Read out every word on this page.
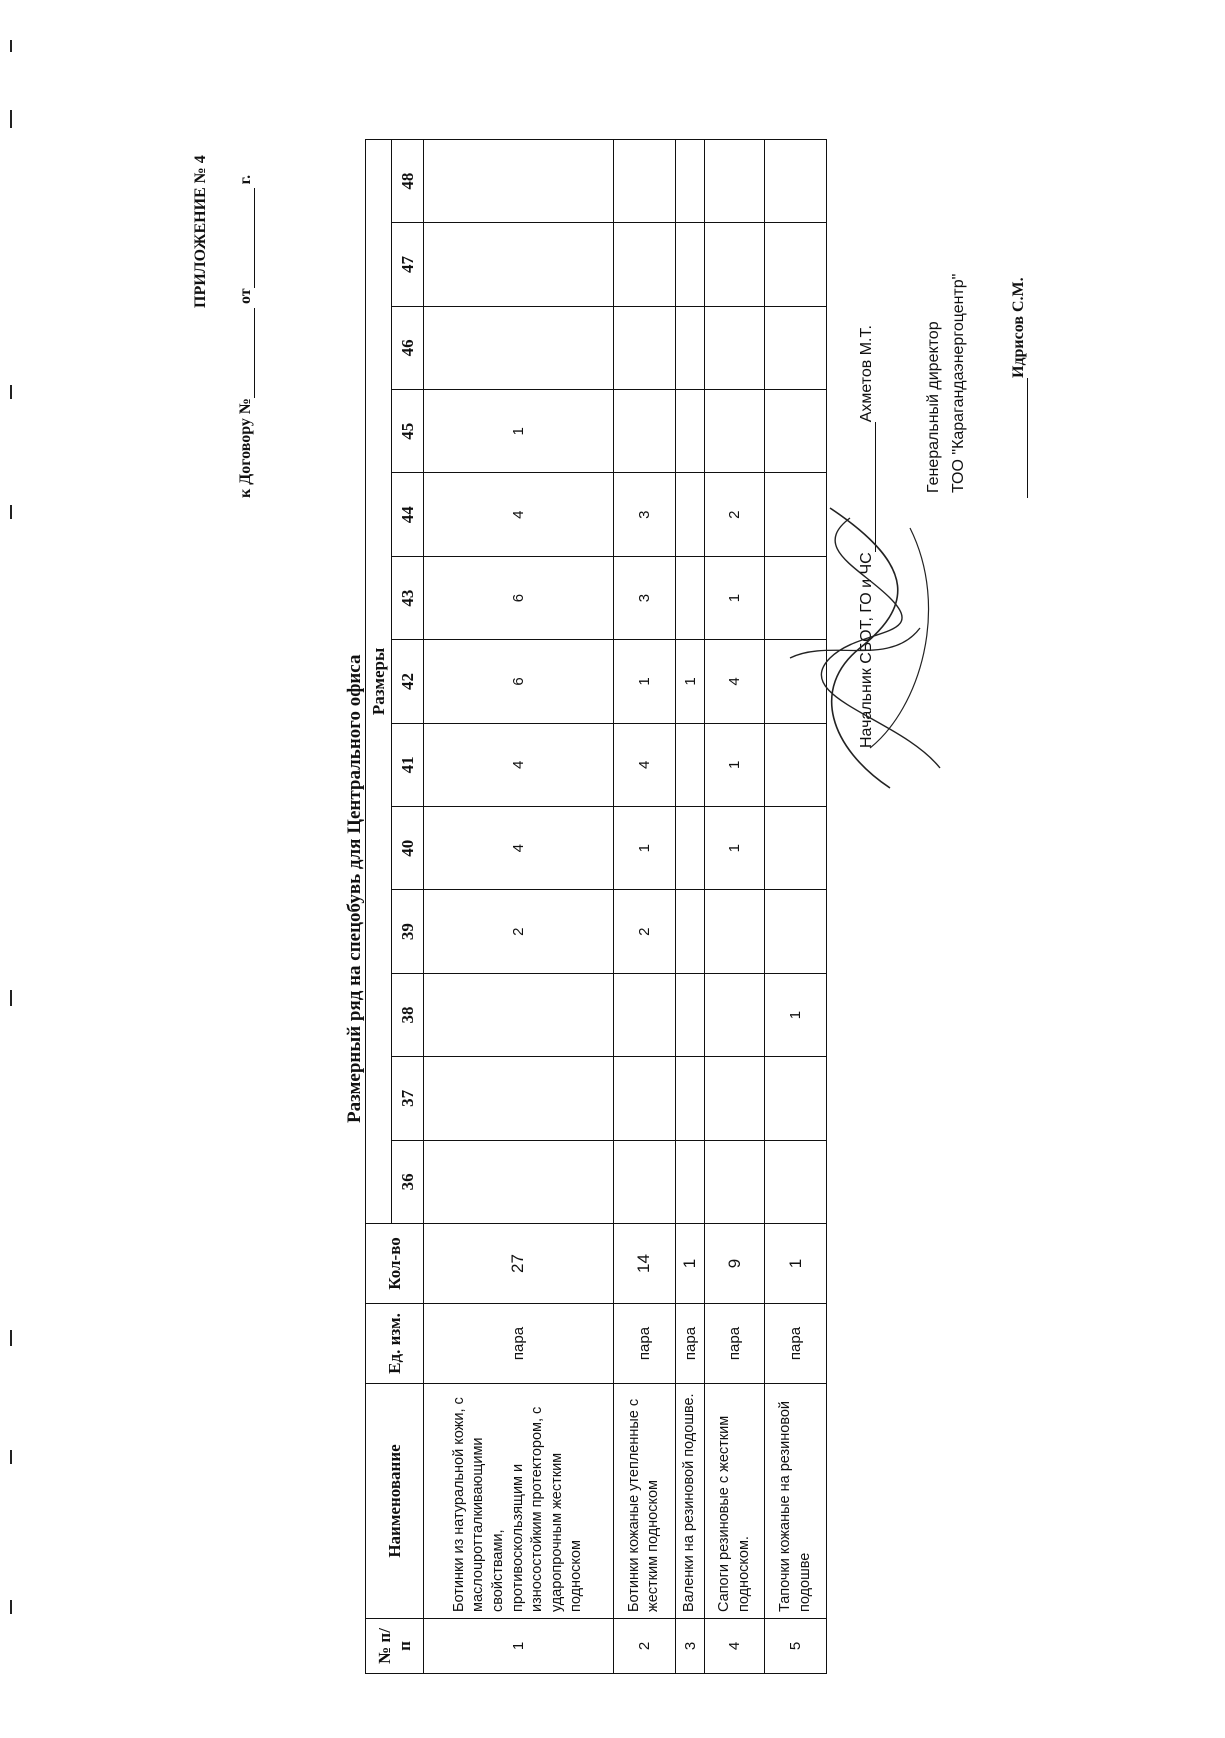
ПРИЛОЖЕНИЕ № 4
к Договору № от г.
Размерный ряд на спецобувь для Центрального офиса
№ п/п	Наименование	Ед. изм.	Кол-во	Размеры												
				36	37	38	39	40	41	42	43	44	45	46	47	48
1	Ботинки из натуральной кожи, с маслоupотталкивающими свойствами, противоскользящим и износостойким протектором, с ударопрочным жестким подноском	пара	27				2	4	4	6	6	4	1			
2	Ботинки кожаные утепленные с жестким подноском	пара	14				2	1	4	1	3	3				
3	Валенки на резиновой подошве.	пара	1							1						
4	Сапоги резиновые с жестким подноском.	пара	9					1	1	4	1	2				
5	Тапочки кожаные на резиновой подошве	пара	1			1										
Начальник СБОТ, ГО и ЧСАхметов М.Т.	Генеральный директор ТОО "Карагандаэнергоцентр"	Идрисов С.М.
